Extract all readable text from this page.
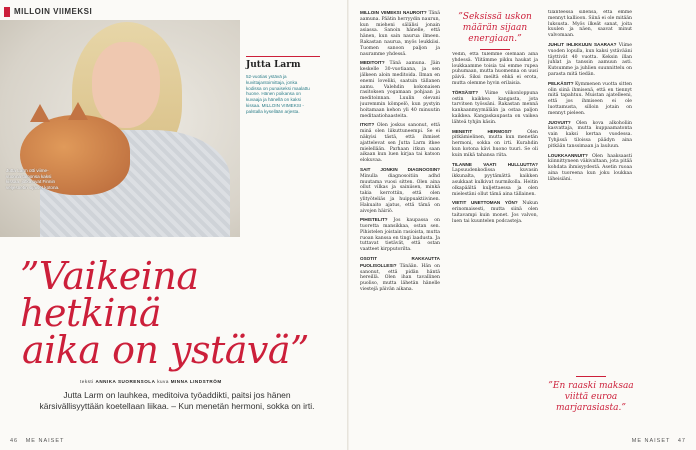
MILLOIN VIIMEKSI
Jutta Larm otti viime-vuonna taloonsa kaksi kissaa, jotka ovat Finnin veljesnetin sijaiset kotona.
Jutta Larm
52-vuotias ystävä ja kuvittajantoimittaja, jonka kodissa on punaiseksi maalattu huone. Hänen poikansa on kuvaaja ja hänellä on kaksi kissaa. MILLOIN VIIMEKSI -palstalla kysellään arjesta.
”Vaikeina hetkinä
aika on ystävä”
teksti ANNIKA SUORENSOLA kuva MINNA LINDSTRÖM
Jutta Larm on lauhkea, meditoiva työaddikti, paitsi jos hänen kärsivällisyyttään koetellaan liikaa. – Kun menetän hermoni, sokka on irti.
46 ME NAISET	ME NAISET 47

MILLOIN VIIMEKSI NAUROIT? Tänä aamuna. Päätin herryydin naurun, kun mieheni sälälisi jonain asiassa. Sanoin hänelle, että hänen, kun sain naurua ilmeen. Rakastan naurua, myös leukkiisi. Tuomen sanoon paljon ja nauramme yhdessä.

MEDITOIT? Tänä aamuna. Jäin keskelle 30-vuotiaana, ja sen jälkeen aloin meditoida. Ilman en enemi loveliki, saatuin tällanen aamu. Valehdin kokonaisen rasitoksen yogamaan pohjaan ja meditoinnan. Luulin olevani juuremmin kömpelö, kun pystyin hoitamaan kehon yli 40 minuutin meditaatiohaasteita.

ITKIT? Olen joskus sanonut, että minä olen liikuttuneempi. Se ei näkyisi tästä, että ihmiset ajattelevat sen Jutta Larm itkee mielellään. Parhaan itkun saan aikaan kun luen kirjaa tai katson elokuvaa.

SAIT JONKIN DIAGNOOSIN? Minulla diagnosoitiin adhd muutama vuosi sitten. Olen aina ollut vilkas ja sainiisen, minkä takia kerrottiin, että olen ylityöteliäs ja huippuaktiivinen. Hakuaito ajatus, että tämä on aivojen häiriö.

PIHISTELIT? Jos kaupassa on tuoretta mansikkaa, ostan sen. Pihistelen joistain rasioista, mutta ruoan kanssa en tingi laadusta. Ja tuttavat tietävät, että ostan vaatteet kirpputorilta.

OSOTIT RAKKAUTTA PUOLISOLLESI? Tänään. Hän on sanonut, että pidän häntä hereillä. Olen ihan tavallinen puoliso, mutta lähetän hänelle viestejä päivän aikana.

”Seksissä uskon määrän sijaan energiaan.”

Vedin, että tulemme olemaan aina yhdessä. Ylitämme pikku haukat ja loukkaamme toisia tai emme rupea puhumaan, mutta huomenna on uusi päivä. Siksi meiltä ehkä ei erota, mutta olemme hyvin erilaisia.

TÖRSÄSIT? Viime viikonloppuna ostin kaikkea kangasta, jota tarvitsen työssäni. Rakastan mennä kankaanmyymälään ja ostaa paljon kaikkea. Kangaskaupasta on vaikea lähteä tyhjin käsin.

MENETIT HERMOSI? Olen pitkämielinen, mutta kun menetän hermoni, sokka on irti. Kurahdin kun kotona kävi huono tuuri. Se oli kuin mikä tahansa riita.

TILANNE VAATI HULLUUTTA? Lapsuudenkodissa kuvasin ikkunalta, pyytämättä kaikken asukkaat kulkivat nurmikolla. Heitin olkapäältä kuljettaessa ja olen mielestäni ollut tämä aina tällainen.

VIETIT UNETTOMAN YÖN? Nukun erinomaisesti, mutta siinä olen taitavampi kuin monet. Jos valvon, luen tai kuuntelen podcasteja.

tilanteessa sillensä, että emme mennyt kallioon. Siinä ei ole mitään luksusta. Myös ilkeät sanat, joita kuulen ja näen, saavat minut valvomaan.

JUHLIT IHLIKKUUN SAARAA? Viime vuoden lopulla, kun kaksi ystävääni täyttivät 40 vuotta. Keksin illan juhlat ja tanssin aamuun asti. Kutsumme ja juhlien suunnittelu on parasta mitä tiedän.

PELKÄSIT? Kymmenen vuotta sitten olin siinä ihmisenä, että en tiennyt mitä tapahtuu. Muistan ajatelleeni, että jos ihmiseen ei ole luottamusta, silloin jotain on mennyt pieleen.

JUOVUIT? Olen kova alkoholiin kasvattaja, mutta kuppaamatonta vain kaksi kertaa vuodessa. Tyhjissä tiloissa päädyn aina pitkään tanssimaan ja lauluun.

LOUKKAANNUIT? Olen haaksaasti kiinnittyneen väkivaltaan, jota pitää kohdata ihmisyydestä. Asetin ruoaa aina tuoreena kun joku loukkaa läheisiäni.

”En raaski maksaa viittä euroa marjarasiasta.”
